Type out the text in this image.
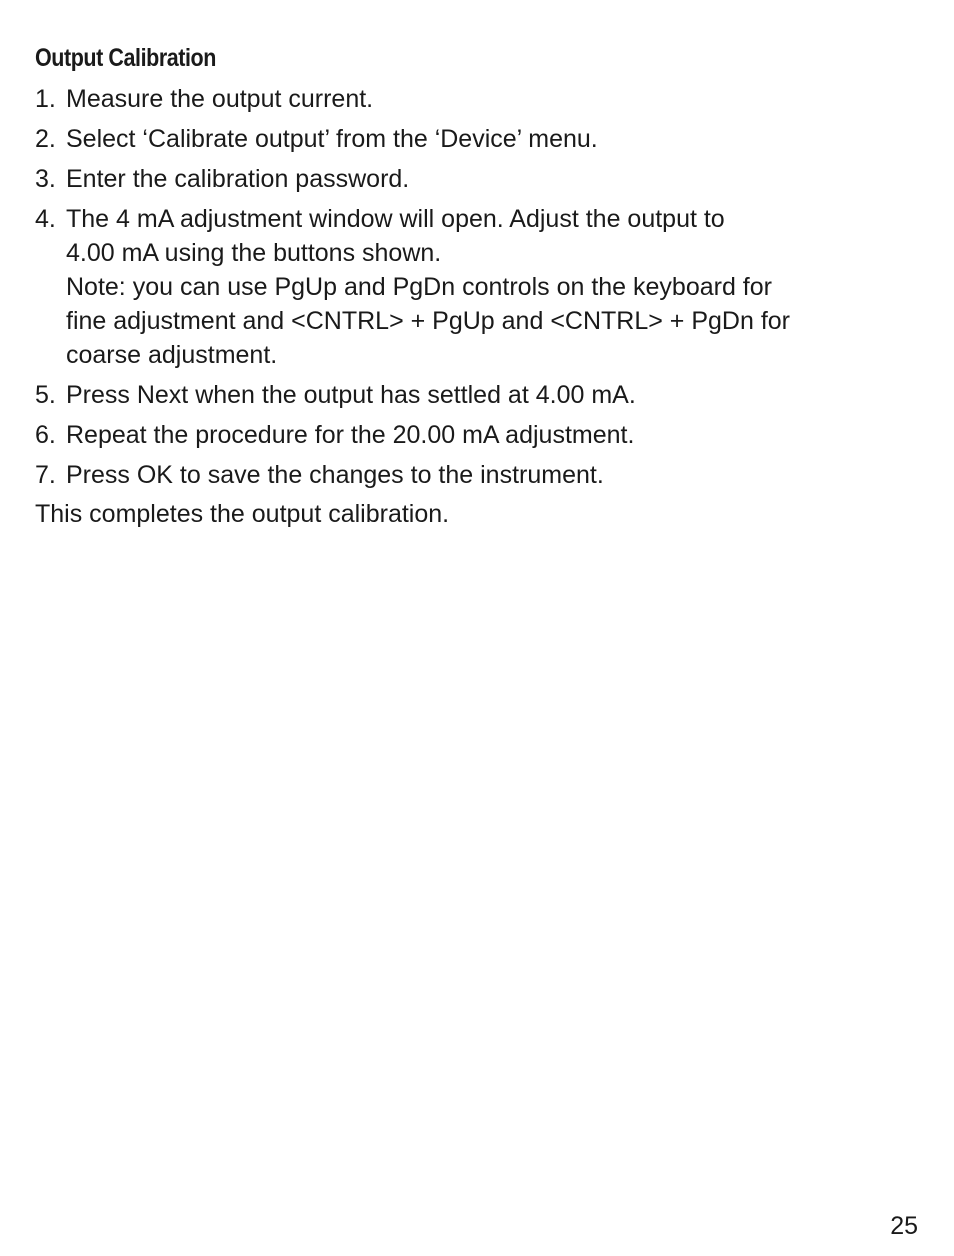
Output Calibration
1. Measure the output current.
2. Select ‘Calibrate output’ from the ‘Device’ menu.
3. Enter the calibration password.
4. The 4 mA adjustment window will open. Adjust the output to
4.00 mA using the buttons shown.
Note: you can use PgUp and PgDn controls on the keyboard for
fine adjustment and <CNTRL> + PgUp and <CNTRL> + PgDn for
coarse adjustment.
5. Press Next when the output has settled at 4.00 mA.
6. Repeat the procedure for the 20.00 mA adjustment.
7. Press OK to save the changes to the instrument.

This completes the output calibration.

25
